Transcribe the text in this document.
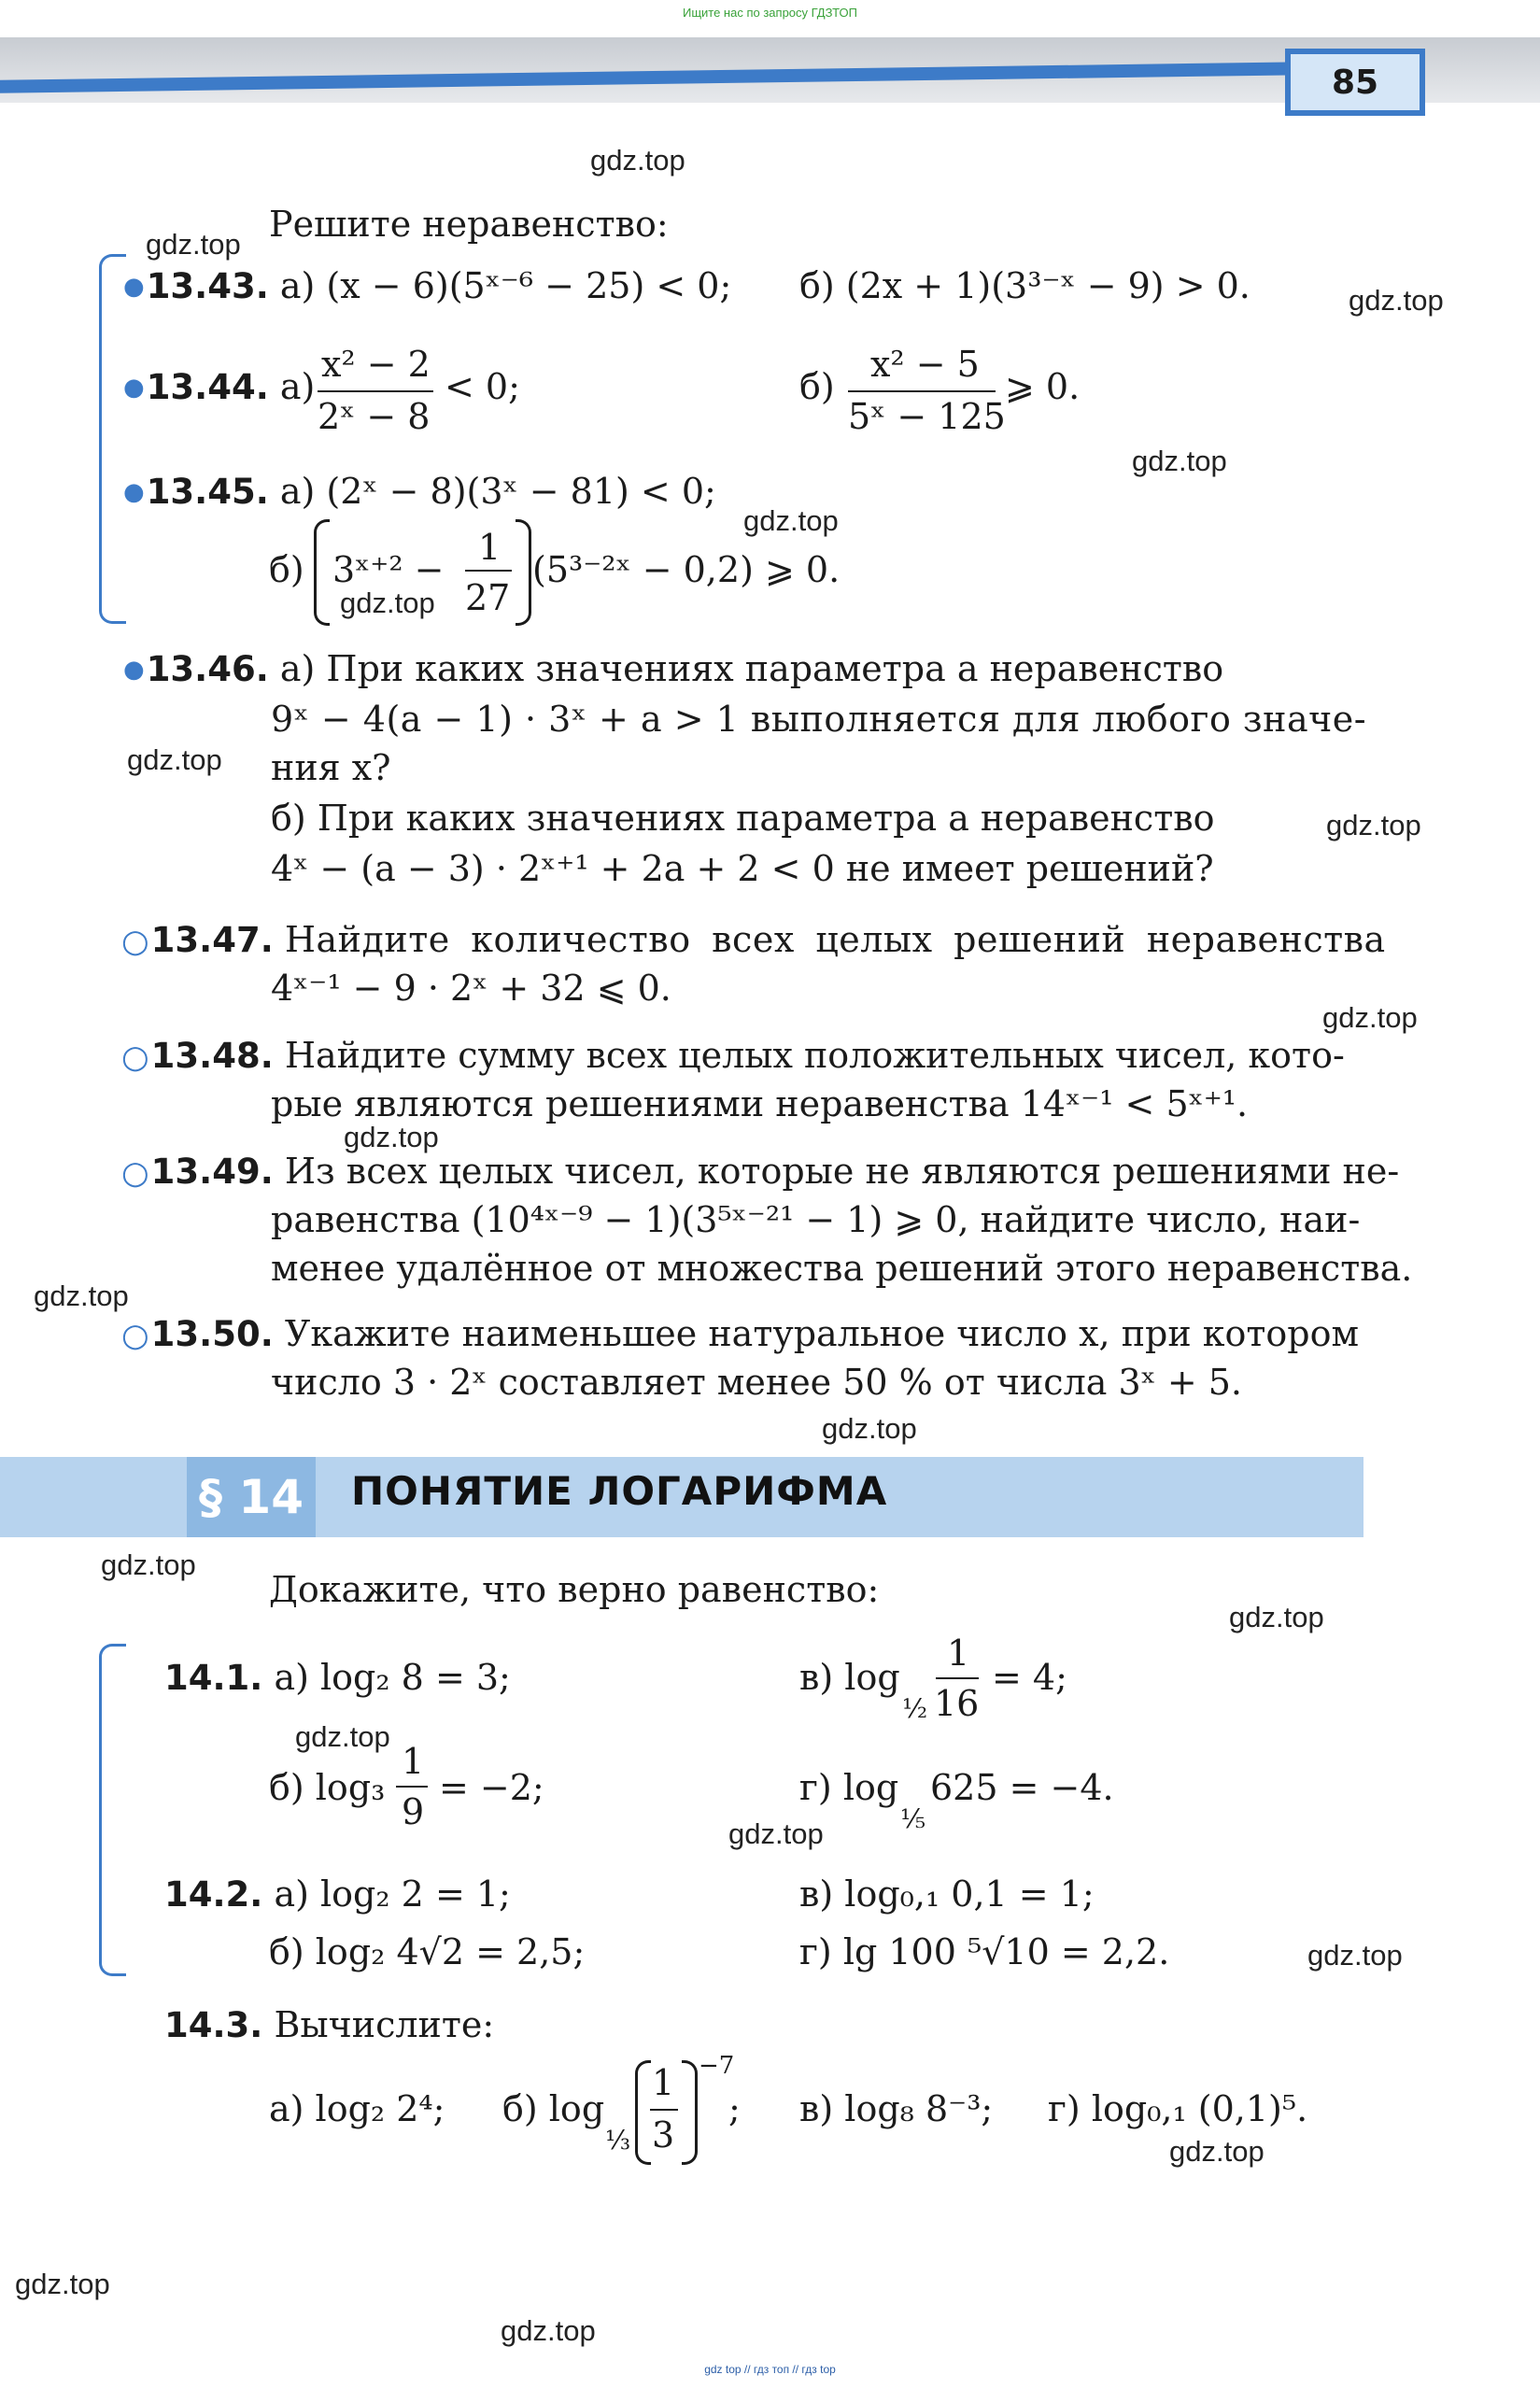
Ищите нас по запросу ГДЗТОП
85
gdz.top
gdz.top
gdz.top
gdz.top
gdz.top
gdz.top
gdz.top
gdz.top
gdz.top
gdz.top
gdz.top
gdz.top
gdz.top
gdz.top
gdz.top
gdz.top
gdz.top
gdz.top
gdz.top
gdz.top
Решите неравенство:
● 13.43. а) (x − 6)(5ˣ⁻⁶ − 25) < 0; б) (2x + 1)(3³⁻ˣ − 9) > 0.
● 13.44. а)
x² − 2
2ˣ − 8
< 0;	б)
x² − 5
5ˣ − 125
⩾ 0.
● 13.45. а) (2ˣ − 8)(3ˣ − 81) < 0;
б) 3ˣ⁺² −
1
27
(5³⁻²ˣ − 0,2) ⩾ 0.
● 13.46. а) При каких значениях параметра a неравенство
9ˣ − 4(a − 1) · 3ˣ + a > 1 выполняется для любого значе-
ния x?
б) При каких значениях параметра a неравенство
4ˣ − (a − 3) · 2ˣ⁺¹ + 2a + 2 < 0 не имеет решений?
○ 13.47. Найдите количество всех целых решений неравенства
4ˣ⁻¹ − 9 · 2ˣ + 32 ⩽ 0.
○ 13.48. Найдите сумму всех целых положительных чисел, кото-
рые являются решениями неравенства 14ˣ⁻¹ < 5ˣ⁺¹.
○ 13.49. Из всех целых чисел, которые не являются решениями не-
равенства (10⁴ˣ⁻⁹ − 1)(3⁵ˣ⁻²¹ − 1) ⩾ 0, найдите число, наи-
менее удалённое от множества решений этого неравенства.
○ 13.50. Укажите наименьшее натуральное число x, при котором
число 3 · 2ˣ составляет менее 50 % от числа 3ˣ + 5.
§ 14	ПОНЯТИЕ ЛОГАРИФМА
Докажите, что верно равенство:
14.1. а) log₂ 8 = 3;	в) log
½
1
16
= 4;
б) log₃
1
9
= −2;	г) log
⅕
625 = −4.
14.2. а) log₂ 2 = 1;	в) log₀,₁ 0,1 = 1;
б) log₂ 4√2 = 2,5;	г) lg 100 ⁵√10 = 2,2.
14.3. Вычислите:
а) log₂ 2⁴; б) log
⅓
1
3
−7
; в) log₈ 8⁻³; г) log₀,₁ (0,1)⁵.
gdz top // гдз топ // гдз top
